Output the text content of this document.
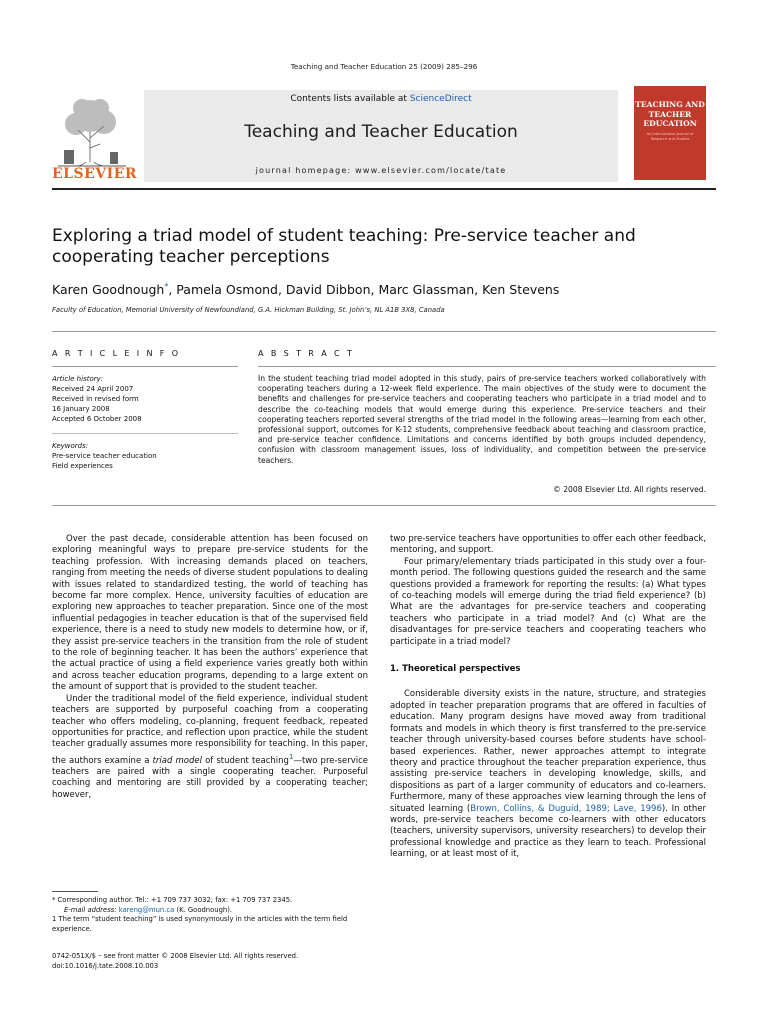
Teaching and Teacher Education 25 (2009) 285–296
ELSEVIER
Contents lists available at ScienceDirect
Teaching and Teacher Education
journal homepage: www.elsevier.com/locate/tate
TEACHING AND TEACHER EDUCATION
An International Journal of Research and Studies
Exploring a triad model of student teaching: Pre-service teacher and cooperating teacher perceptions
Karen Goodnough*, Pamela Osmond, David Dibbon, Marc Glassman, Ken Stevens
Faculty of Education, Memorial University of Newfoundland, G.A. Hickman Building, St. John’s, NL A1B 3X8, Canada
A R T I C L E I N F O	A B S T R A C T
Article history:
Received 24 April 2007
Received in revised form
16 January 2008
Accepted 6 October 2008
Keywords:
Pre-service teacher education
Field experiences
In the student teaching triad model adopted in this study, pairs of pre-service teachers worked collaboratively with cooperating teachers during a 12-week field experience. The main objectives of the study were to document the benefits and challenges for pre-service teachers and cooperating teachers who participate in a triad model and to describe the co-teaching models that would emerge during this experience. Pre-service teachers and their cooperating teachers reported several strengths of the triad model in the following areas—learning from each other, professional support, outcomes for K-12 students, comprehensive feedback about teaching and classroom practice, and pre-service teacher confidence. Limitations and concerns identified by both groups included dependency, confusion with classroom management issues, loss of individuality, and competition between the pre-service teachers.
© 2008 Elsevier Ltd. All rights reserved.

Over the past decade, considerable attention has been focused on exploring meaningful ways to prepare pre-service students for the teaching profession. With increasing demands placed on teachers, ranging from meeting the needs of diverse student populations to dealing with issues related to standardized testing, the world of teaching has become far more complex. Hence, university faculties of education are exploring new approaches to teacher preparation. Since one of the most influential pedagogies in teacher education is that of the supervised field experience, there is a need to study new models to determine how, or if, they assist pre-service teachers in the transition from the role of student to the role of beginning teacher. It has been the authors’ experience that the actual practice of using a field experience varies greatly both within and across teacher education programs, depending to a large extent on the amount of support that is provided to the student teacher.

Under the traditional model of the field experience, individual student teachers are supported by purposeful coaching from a cooperating teacher who offers modeling, co-planning, frequent feedback, repeated opportunities for practice, and reflection upon practice, while the student teacher gradually assumes more responsibility for teaching. In this paper, the authors examine a triad model of student teaching$^1$—two pre-service teachers are paired with a single cooperating teacher. Purposeful coaching and mentoring are still provided by a cooperating teacher; however,

two pre-service teachers have opportunities to offer each other feedback, mentoring, and support.

Four primary/elementary triads participated in this study over a four-month period. The following questions guided the research and the same questions provided a framework for reporting the results: (a) What types of co-teaching models will emerge during the triad field experience? (b) What are the advantages for pre-service teachers and cooperating teachers who participate in a triad model? And (c) What are the disadvantages for pre-service teachers and cooperating teachers who participate in a triad model?

1. Theoretical perspectives

Considerable diversity exists in the nature, structure, and strategies adopted in teacher preparation programs that are offered in faculties of education. Many program designs have moved away from traditional formats and models in which theory is first transferred to the pre-service teacher through university-based courses before students have school-based experiences. Rather, newer approaches attempt to integrate theory and practice throughout the teacher preparation experience, thus assisting pre-service teachers in developing knowledge, skills, and dispositions as part of a larger community of educators and co-learners. Furthermore, many of these approaches view learning through the lens of situated learning (Brown, Collins, & Duguid, 1989; Lave, 1996). In other words, pre-service teachers become co-learners with other educators (teachers, university supervisors, university researchers) to develop their professional knowledge and practice as they learn to teach. Professional learning, or at least most of it,

* Corresponding author. Tel.: +1 709 737 3032; fax: +1 709 737 2345.
E-mail address: kareng@mun.ca (K. Goodnough).
1 The term “student teaching” is used synonymously in the articles with the term field experience.
0742-051X/$ – see front matter © 2008 Elsevier Ltd. All rights reserved.
doi:10.1016/j.tate.2008.10.003
